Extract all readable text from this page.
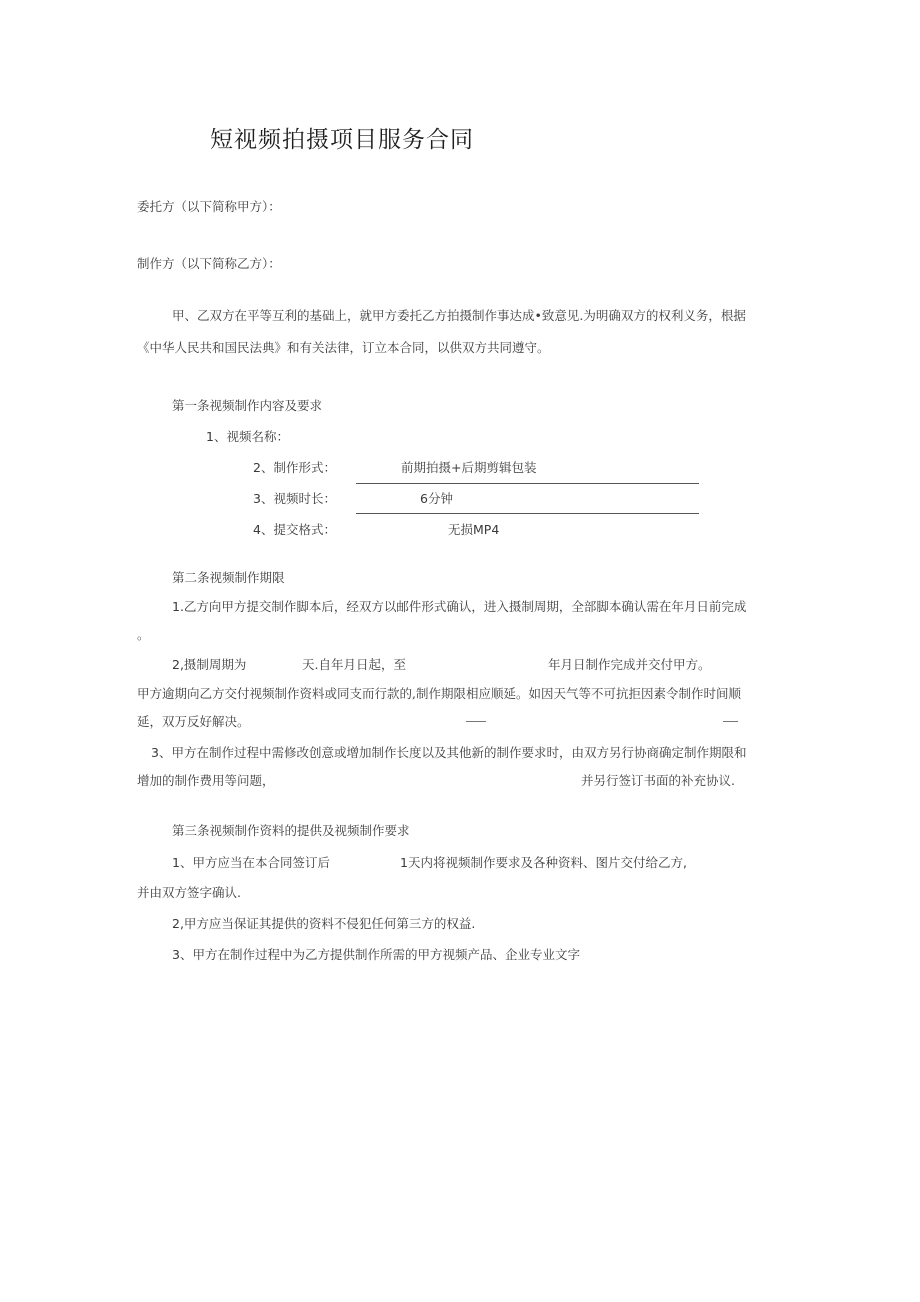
短视频拍摄项目服务合同
委托方（以下简称甲方）：
制作方（以下简称乙方）：
甲、乙双方在平等互利的基础上，就甲方委托乙方拍摄制作事达成•致意见.为明确双方的权利义务，根据
《中华人民共和国民法典》和有关法律，订立本合同，以供双方共同遵守。
第一条视频制作内容及要求
1、视频名称：
2、制作形式：	前期拍摄+后期剪辑包装
3、视频时长：	6分钟
4、提交格式：	无损MP4
第二条视频制作期限
1.乙方向甲方提交制作脚本后，经双方以邮件形式确认，进入摄制周期，全部脚本确认需在年月日前完成
。
2,摄制周期为	天.自年月日起，至	年月日制作完成并交付甲方。
甲方逾期向乙方交付视频制作资料或同支而行款的,制作期限相应顺延。如因天气等不可抗拒因素令制作时间顺
延，双万反好解决。
3、甲方在制作过程中需修改创意或增加制作长度以及其他新的制作要求时，由双方另行协商确定制作期限和
增加的制作费用等问题，	并另行签订书面的补充协议.
第三条视频制作资料的提供及视频制作要求
1、甲方应当在本合同签订后	1天内将视频制作要求及各种资料、图片交付给乙方,
并由双方签字确认.
2,甲方应当保证其提供的资料不侵犯任何第三方的权益.
3、甲方在制作过程中为乙方提供制作所需的甲方视频产品、企业专业文字
